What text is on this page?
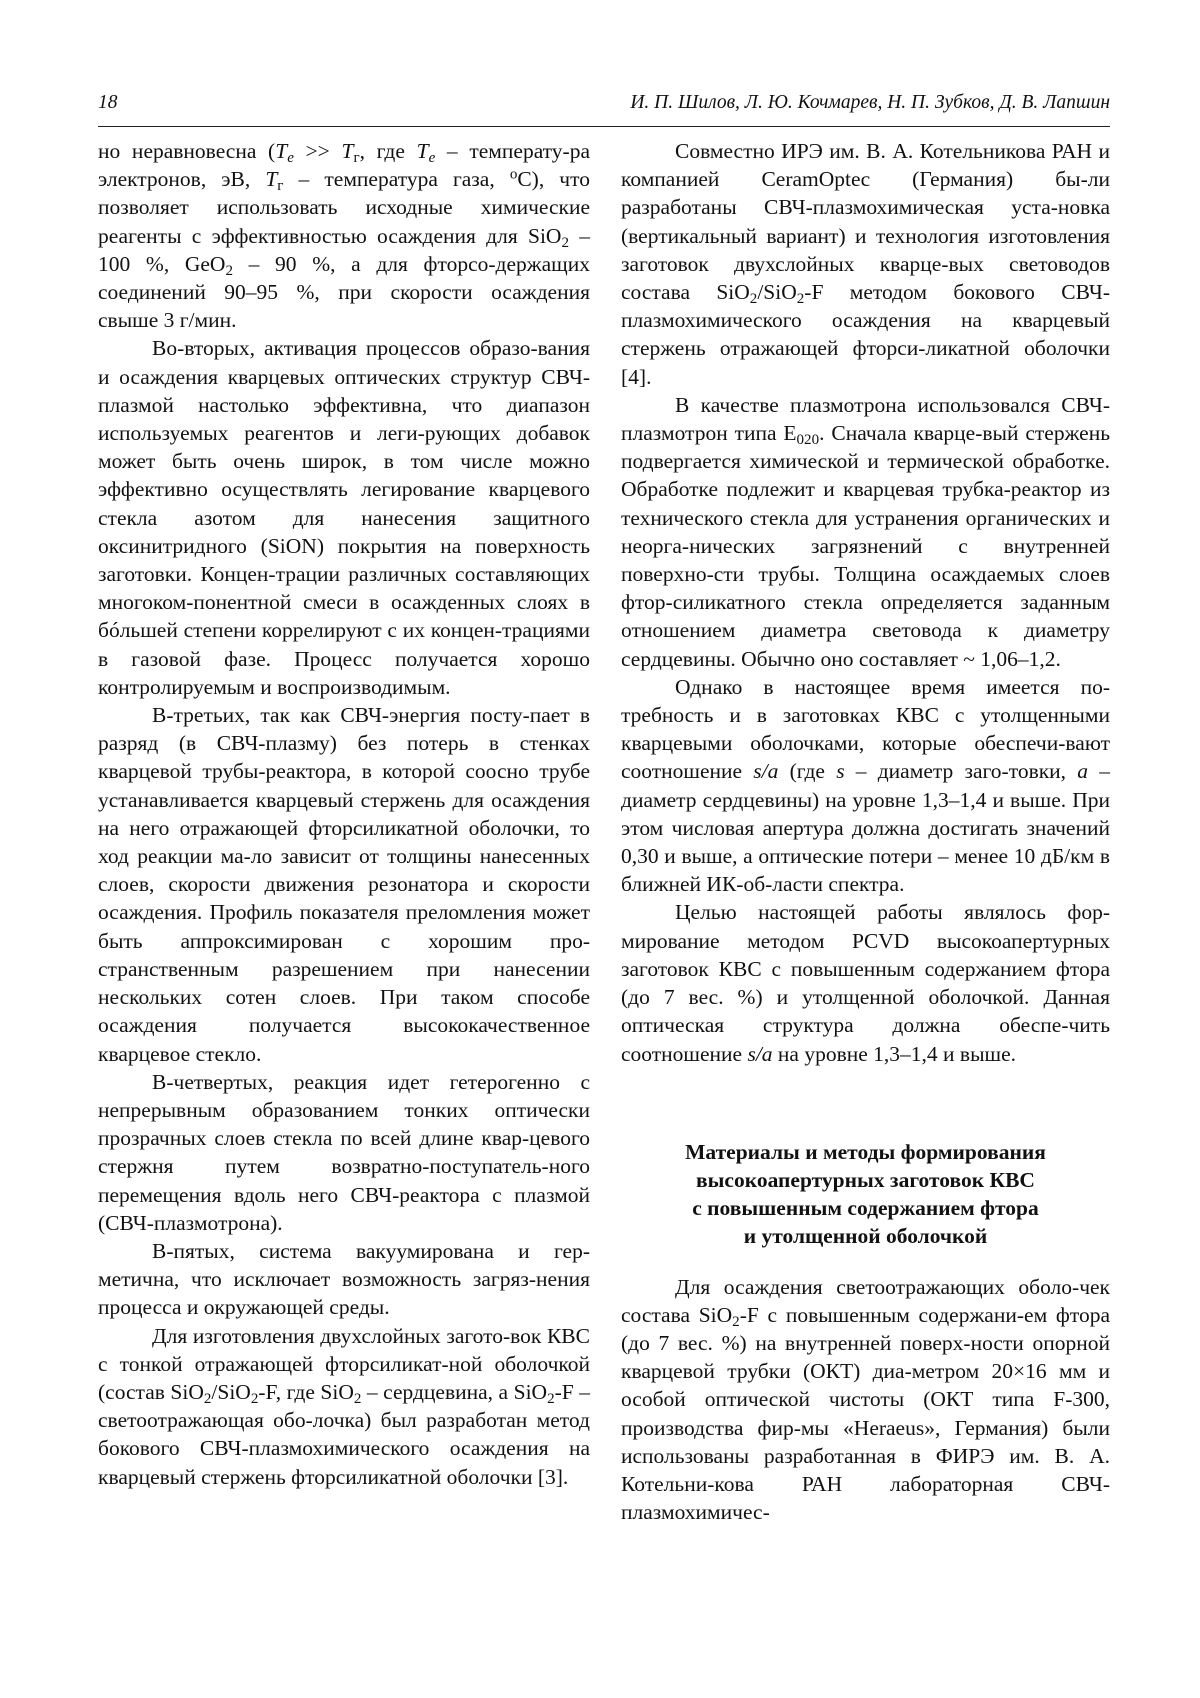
18	И. П. Шилов, Л. Ю. Кочмарев, Н. П. Зубков, Д. В. Лапшин

но неравновесна ($T_e >> T_г$, где $T_e$ – температу-ра электронов, эВ, $T_г$ – температура газа, $^o$С), что позволяет использовать исходные химические реагенты с эффективностью осаждения для SiO$_2$ – 100 %, GeO$_2$ – 90 %, а для фторсо-держащих соединений 90–95 %, при скорости осаждения свыше 3 г/мин.

Во-вторых, активация процессов образо-вания и осаждения кварцевых оптических структур СВЧ-плазмой настолько эффективна, что диапазон используемых реагентов и леги-рующих добавок может быть очень широк, в том числе можно эффективно осуществлять легирование кварцевого стекла азотом для нанесения защитного оксинитридного (SiON) покрытия на поверхность заготовки. Концен-трации различных составляющих многоком-понентной смеси в осажденных слоях в бóльшей степени коррелируют с их концен-трациями в газовой фазе. Процесс получается хорошо контролируемым и воспроизводимым.

В-третьих, так как СВЧ-энергия посту-пает в разряд (в СВЧ-плазму) без потерь в стенках кварцевой трубы-реактора, в которой соосно трубе устанавливается кварцевый стержень для осаждения на него отражающей фторсиликатной оболочки, то ход реакции ма-ло зависит от толщины нанесенных слоев, скорости движения резонатора и скорости осаждения. Профиль показателя преломления может быть аппроксимирован с хорошим про-странственным разрешением при нанесении нескольких сотен слоев. При таком способе осаждения получается высококачественное кварцевое стекло.

В-четвертых, реакция идет гетерогенно с непрерывным образованием тонких оптически прозрачных слоев стекла по всей длине квар-цевого стержня путем возвратно-поступатель-ного перемещения вдоль него СВЧ-реактора с плазмой (СВЧ-плазмотрона).

В-пятых, система вакуумирована и гер-метична, что исключает возможность загряз-нения процесса и окружающей среды.

Для изготовления двухслойных загото-вок КВС с тонкой отражающей фторсиликат-ной оболочкой (состав SiO$_2$/SiO$_2$-F, где SiO$_2$ – сердцевина, а SiO$_2$-F – светоотражающая обо-лочка) был разработан метод бокового СВЧ-плазмохимического осаждения на кварцевый стержень фторсиликатной оболочки [3].

Совместно ИРЭ им. В. А. Котельникова РАН и компанией CeramOptec (Германия) бы-ли разработаны СВЧ-плазмохимическая уста-новка (вертикальный вариант) и технология изготовления заготовок двухслойных кварце-вых световодов состава SiO$_2$/SiO$_2$-F методом бокового СВЧ-плазмохимического осаждения на кварцевый стержень отражающей фторси-ликатной оболочки [4].

В качестве плазмотрона использовался СВЧ-плазмотрон типа $E_{020}$. Сначала кварце-вый стержень подвергается химической и термической обработке. Обработке подлежит и кварцевая трубка-реактор из технического стекла для устранения органических и неорга-нических загрязнений с внутренней поверхно-сти трубы. Толщина осаждаемых слоев фтор-силикатного стекла определяется заданным отношением диаметра световода к диаметру сердцевины. Обычно оно составляет ~ 1,06–1,2.

Однако в настоящее время имеется по-требность и в заготовках КВС с утолщенными кварцевыми оболочками, которые обеспечи-вают соотношение s/a (где s – диаметр заго-товки, a – диаметр сердцевины) на уровне 1,3–1,4 и выше. При этом числовая апертура должна достигать значений 0,30 и выше, а оптические потери – менее 10 дБ/км в ближней ИК-об-ласти спектра.

Целью настоящей работы являлось фор-мирование методом PCVD высокоапертурных заготовок КВС с повышенным содержанием фтора (до 7 вес. %) и утолщенной оболочкой. Данная оптическая структура должна обеспе-чить соотношение s/a на уровне 1,3–1,4 и выше.

Материалы и методы формирования
высокоапертурных заготовок КВС
с повышенным содержанием фтора
и утолщенной оболочкой

Для осаждения светоотражающих оболо-чек состава SiO$_2$-F с повышенным содержани-ем фтора (до 7 вес. %) на внутренней поверх-ности опорной кварцевой трубки (ОКТ) диа-метром 20×16 мм и особой оптической чистоты (ОКТ типа F-300, производства фир-мы «Heraeus», Германия) были использованы разработанная в ФИРЭ им. В. А. Котельни-кова РАН лабораторная СВЧ-плазмохимичес-
